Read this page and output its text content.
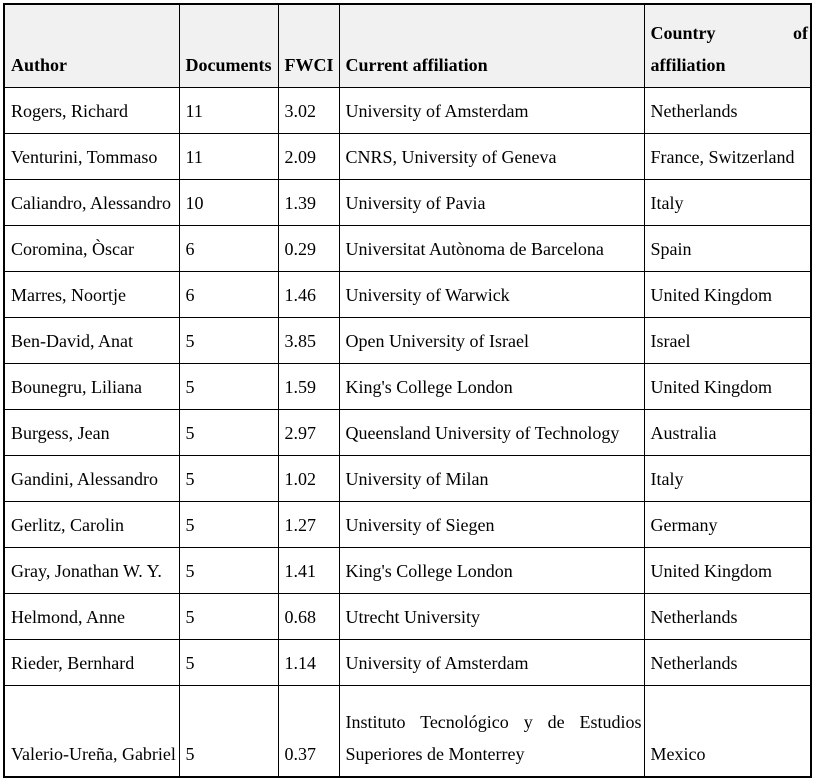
Author	Documents	FWCI	Current affiliation	Country of
affiliation

Rogers, Richard	11	3.02	University of Amsterdam	Netherlands
Venturini, Tommaso	11	2.09	CNRS, University of Geneva	France, Switzerland
Caliandro, Alessandro	10	1.39	University of Pavia	Italy
Coromina, Òscar	6	0.29	Universitat Autònoma de Barcelona	Spain
Marres, Noortje	6	1.46	University of Warwick	United Kingdom
Ben-David, Anat	5	3.85	Open University of Israel	Israel
Bounegru, Liliana	5	1.59	King's College London	United Kingdom
Burgess, Jean	5	2.97	Queensland University of Technology	Australia
Gandini, Alessandro	5	1.02	University of Milan	Italy
Gerlitz, Carolin	5	1.27	University of Siegen	Germany
Gray, Jonathan W. Y.	5	1.41	King's College London	United Kingdom
Helmond, Anne	5	0.68	Utrecht University	Netherlands
Rieder, Bernhard	5	1.14	University of Amsterdam	Netherlands
Valerio-Ureña, Gabriel	5	0.37	Instituto Tecnológico y de Estudios Superiores de Monterrey	Mexico
